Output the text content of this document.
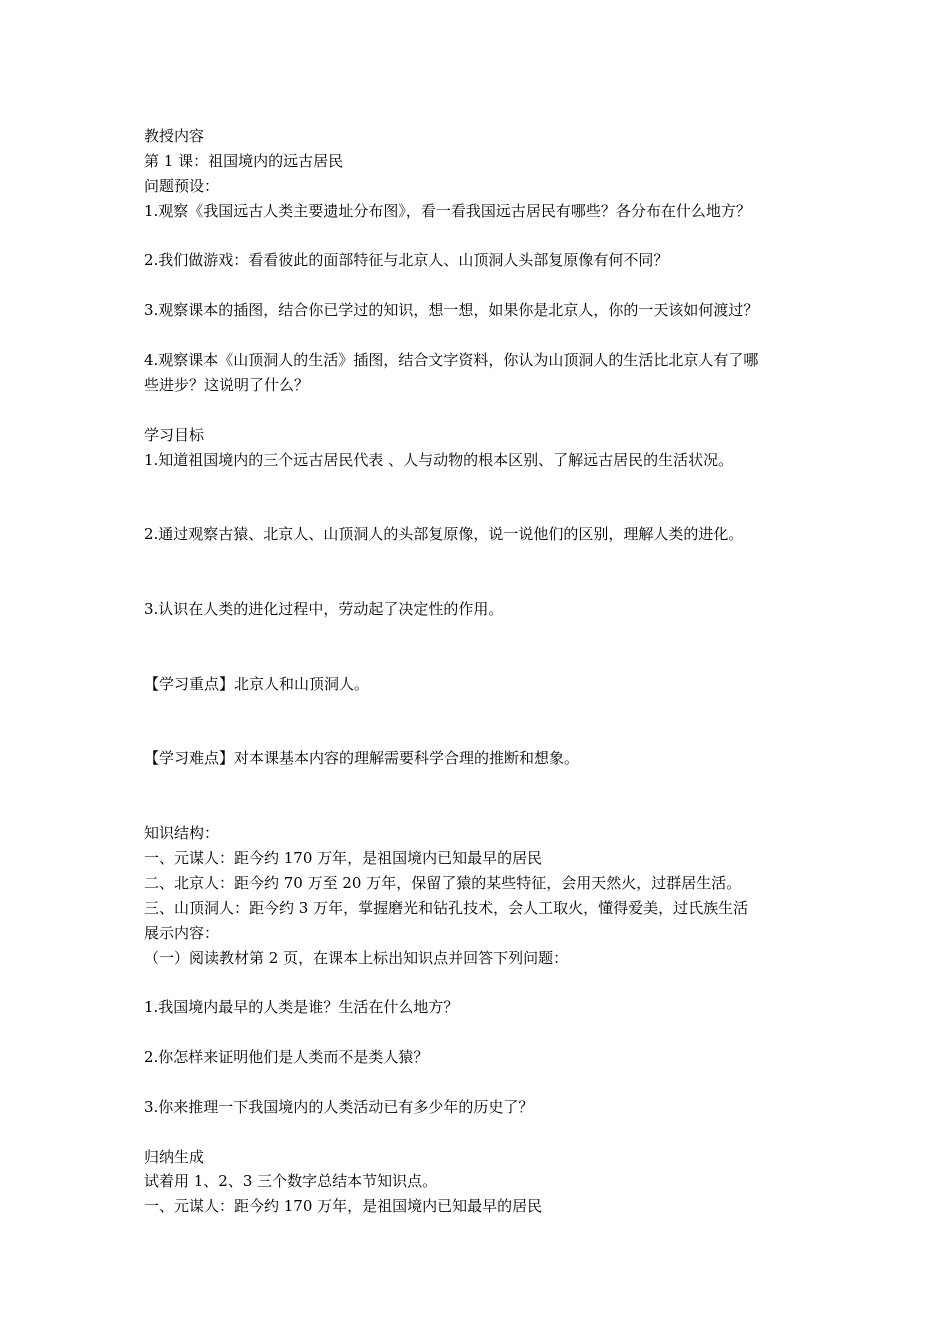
教授内容
第 1 课：祖国境内的远古居民
问题预设：
1.观察《我国远古人类主要遗址分布图》，看一看我国远古居民有哪些？各分布在什么地方？
2.我们做游戏：看看彼此的面部特征与北京人、山顶洞人头部复原像有何不同？
3.观察课本的插图，结合你已学过的知识，想一想，如果你是北京人，你的一天该如何渡过？
4.观察课本《山顶洞人的生活》插图，结合文字资料，你认为山顶洞人的生活比北京人有了哪
些进步？这说明了什么？
学习目标
1.知道祖国境内的三个远古居民代表 、人与动物的根本区别、了解远古居民的生活状况。
2.通过观察古猿、北京人、山顶洞人的头部复原像，说一说他们的区别，理解人类的进化。
3.认识在人类的进化过程中，劳动起了决定性的作用。
【学习重点】北京人和山顶洞人。
【学习难点】对本课基本内容的理解需要科学合理的推断和想象。
知识结构：
一、元谋人：距今约 170 万年，是祖国境内已知最早的居民
二、北京人：距今约 70 万至 20 万年，保留了猿的某些特征，会用天然火，过群居生活。
三、山顶洞人：距今约 3 万年，掌握磨光和钻孔技术，会人工取火，懂得爱美，过氏族生活
展示内容：
（一）阅读教材第 2 页，在课本上标出知识点并回答下列问题：
1.我国境内最早的人类是谁？生活在什么地方？
2.你怎样来证明他们是人类而不是类人猿？
3.你来推理一下我国境内的人类活动已有多少年的历史了？
归纳生成
试着用 1、2、3 三个数字总结本节知识点。
一、元谋人：距今约 170 万年，是祖国境内已知最早的居民
